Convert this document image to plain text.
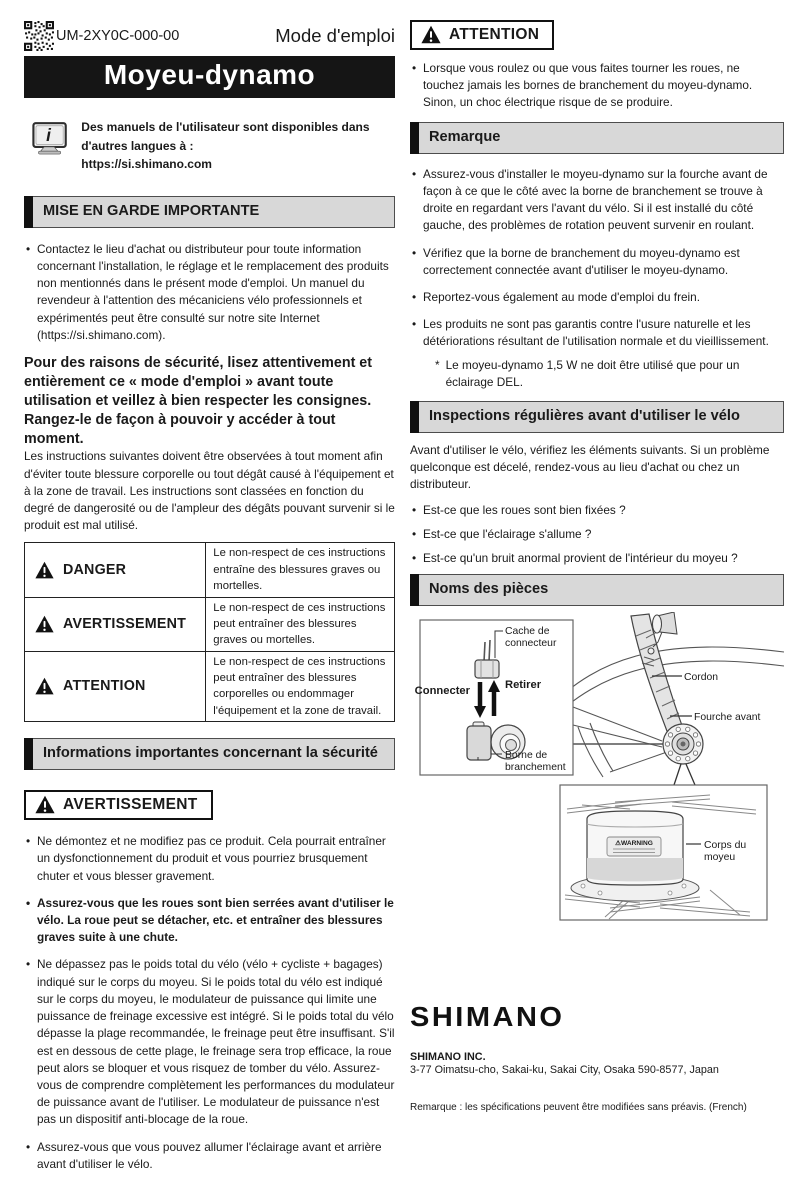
UM-2XY0C-000-00	Mode d'emploi
Moyeu-dynamo
i	Des manuels de l'utilisateur sont disponibles dans d'autres langues à :
https://si.shimano.com
MISE EN GARDE IMPORTANTE
• Contactez le lieu d'achat ou distributeur pour toute information concernant l'installation, le réglage et le remplacement des produits non mentionnés dans le présent mode d'emploi. Un manuel du revendeur à l'attention des mécaniciens vélo professionnels et expérimentés peut être consulté sur notre site Internet (https://si.shimano.com).

Pour des raisons de sécurité, lisez attentivement et entièrement ce « mode d'emploi » avant toute utilisation et veillez à bien respecter les consignes. Rangez-le de façon à pouvoir y accéder à tout moment.

Les instructions suivantes doivent être observées à tout moment afin d'éviter toute blessure corporelle ou tout dégât causé à l'équipement et à la zone de travail. Les instructions sont classées en fonction du degré de dangerosité ou de l'ampleur des dégâts pouvant survenir si le produit est mal utilisé.

DANGER	Le non-respect de ces instructions entraîne des blessures graves ou mortelles.

AVERTISSEMENT	Le non-respect de ces instructions peut entraîner des blessures graves ou mortelles.

ATTENTION	Le non-respect de ces instructions peut entraîner des blessures corporelles ou endommager l'équipement et la zone de travail.
Informations importantes concernant la sécurité
AVERTISSEMENT
• Ne démontez et ne modifiez pas ce produit. Cela pourrait entraîner un dysfonctionnement du produit et vous pourriez brusquement chuter et vous blesser gravement.
• Assurez-vous que les roues sont bien serrées avant d'utiliser le vélo. La roue peut se détacher, etc. et entraîner des blessures graves suite à une chute.
• Ne dépassez pas le poids total du vélo (vélo + cycliste + bagages) indiqué sur le corps du moyeu. Si le poids total du vélo est indiqué sur le corps du moyeu, le modulateur de puissance qui limite une puissance de freinage excessive est intégré. Si le poids total du vélo dépasse la plage recommandée, le freinage peut être insuffisant. S'il est en dessous de cette plage, le freinage sera trop efficace, la roue peut alors se bloquer et vous risquez de tomber du vélo. Assurez-vous de comprendre complètement les performances du modulateur de puissance avant de l'utiliser. Le modulateur de puissance n'est pas un dispositif anti-blocage de la roue.
• Assurez-vous que vous pouvez allumer l'éclairage avant et arrière avant d'utiliser le vélo.
ATTENTION
• Lorsque vous roulez ou que vous faites tourner les roues, ne touchez jamais les bornes de branchement du moyeu-dynamo. Sinon, un choc électrique risque de se produire.
Remarque
• Assurez-vous d'installer le moyeu-dynamo sur la fourche avant de façon à ce que le côté avec la borne de branchement se trouve à droite en regardant vers l'avant du vélo. Si il est installé du côté gauche, des problèmes de rotation peuvent survenir en roulant.
• Vérifiez que la borne de branchement du moyeu-dynamo est correctement connectée avant d'utiliser le moyeu-dynamo.
• Reportez-vous également au mode d'emploi du frein.
• Les produits ne sont pas garantis contre l'usure naturelle et les détériorations résultant de l'utilisation normale et du vieillissement.
* Le moyeu-dynamo 1,5 W ne doit être utilisé que pour un éclairage DEL.
Inspections régulières avant d'utiliser le vélo

Avant d'utiliser le vélo, vérifiez les éléments suivants. Si un problème quelconque est décelé, rendez-vous au lieu d'achat ou chez un distributeur.

• Est-ce que les roues sont bien fixées ?
• Est-ce que l'éclairage s'allume ?
• Est-ce qu'un bruit anormal provient de l'intérieur du moyeu ?
Noms des pièces
Cordon
Fourche avant
Cache de
connecteur
Connecter	Retirer
Borne de
branchement
⚠WARNING	Corps du
moyeu
SHIMANO
SHIMANO INC.
3-77 Oimatsu-cho, Sakai-ku, Sakai City, Osaka 590-8577, Japan
Remarque : les spécifications peuvent être modifiées sans préavis. (French)
